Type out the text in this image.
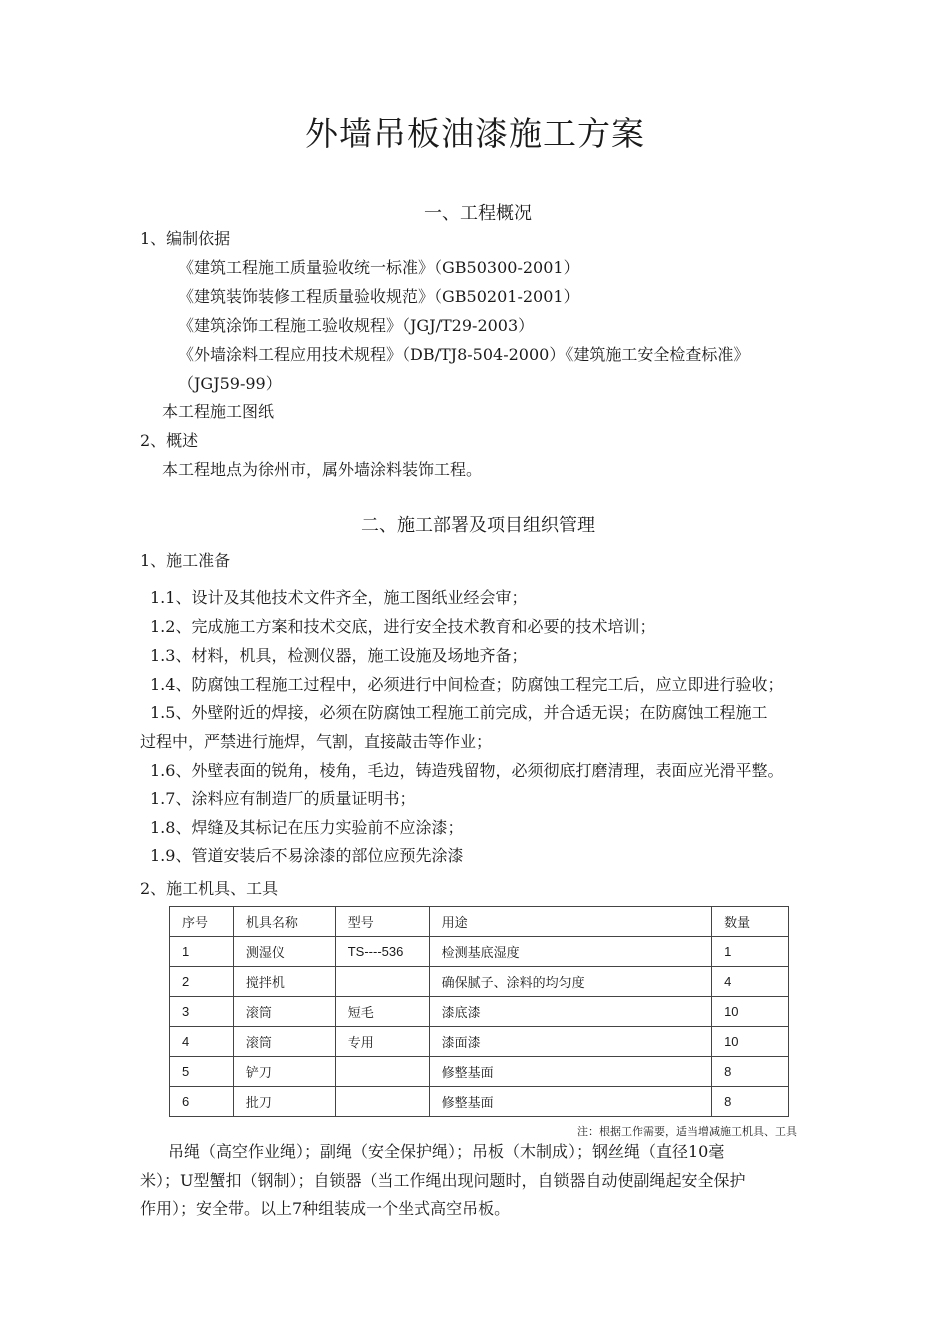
外墙吊板油漆施工方案
一、工程概况

1、编制依据

《建筑工程施工质量验收统一标准》（GB50300-2001）

《建筑装饰装修工程质量验收规范》（GB50201-2001）

《建筑涂饰工程施工验收规程》（JGJ/T29-2003）

《外墙涂料工程应用技术规程》（DB/TJ8-504-2000）《建筑施工安全检查标准》

（JGJ59-99）

本工程施工图纸

2、概述

本工程地点为徐州市，属外墙涂料装饰工程。

二、施工部署及项目组织管理

1、施工准备

1.1、设计及其他技术文件齐全，施工图纸业经会审；

1.2、完成施工方案和技术交底，进行安全技术教育和必要的技术培训；

1.3、材料，机具，检测仪器，施工设施及场地齐备；

1.4、防腐蚀工程施工过程中，必须进行中间检查；防腐蚀工程完工后，应立即进行验收；

1.5、外壁附近的焊接，必须在防腐蚀工程施工前完成，并合适无误；在防腐蚀工程施工

过程中，严禁进行施焊，气割，直接敲击等作业；

1.6、外壁表面的锐角，棱角，毛边，铸造残留物，必须彻底打磨清理，表面应光滑平整。

1.7、涂料应有制造厂的质量证明书；

1.8、焊缝及其标记在压力实验前不应涂漆；

1.9、管道安装后不易涂漆的部位应预先涂漆

2、施工机具、工具

序号	机具名称	型号	用途	数量
1	测湿仪	TS----536	检测基底湿度	1
2	搅拌机		确保腻子、涂料的均匀度	4
3	滚筒	短毛	漆底漆	10
4	滚筒	专用	漆面漆	10
5	铲刀		修整基面	8
6	批刀		修整基面	8
注：根据工作需要，适当增减施工机具、工具
吊绳（高空作业绳）；副绳（安全保护绳）；吊板（木制成）；钢丝绳（直径10毫
米）；U型蟹扣（钢制）；自锁器（当工作绳出现问题时，自锁器自动使副绳起安全保护
作用）；安全带。以上7种组装成一个坐式高空吊板。
